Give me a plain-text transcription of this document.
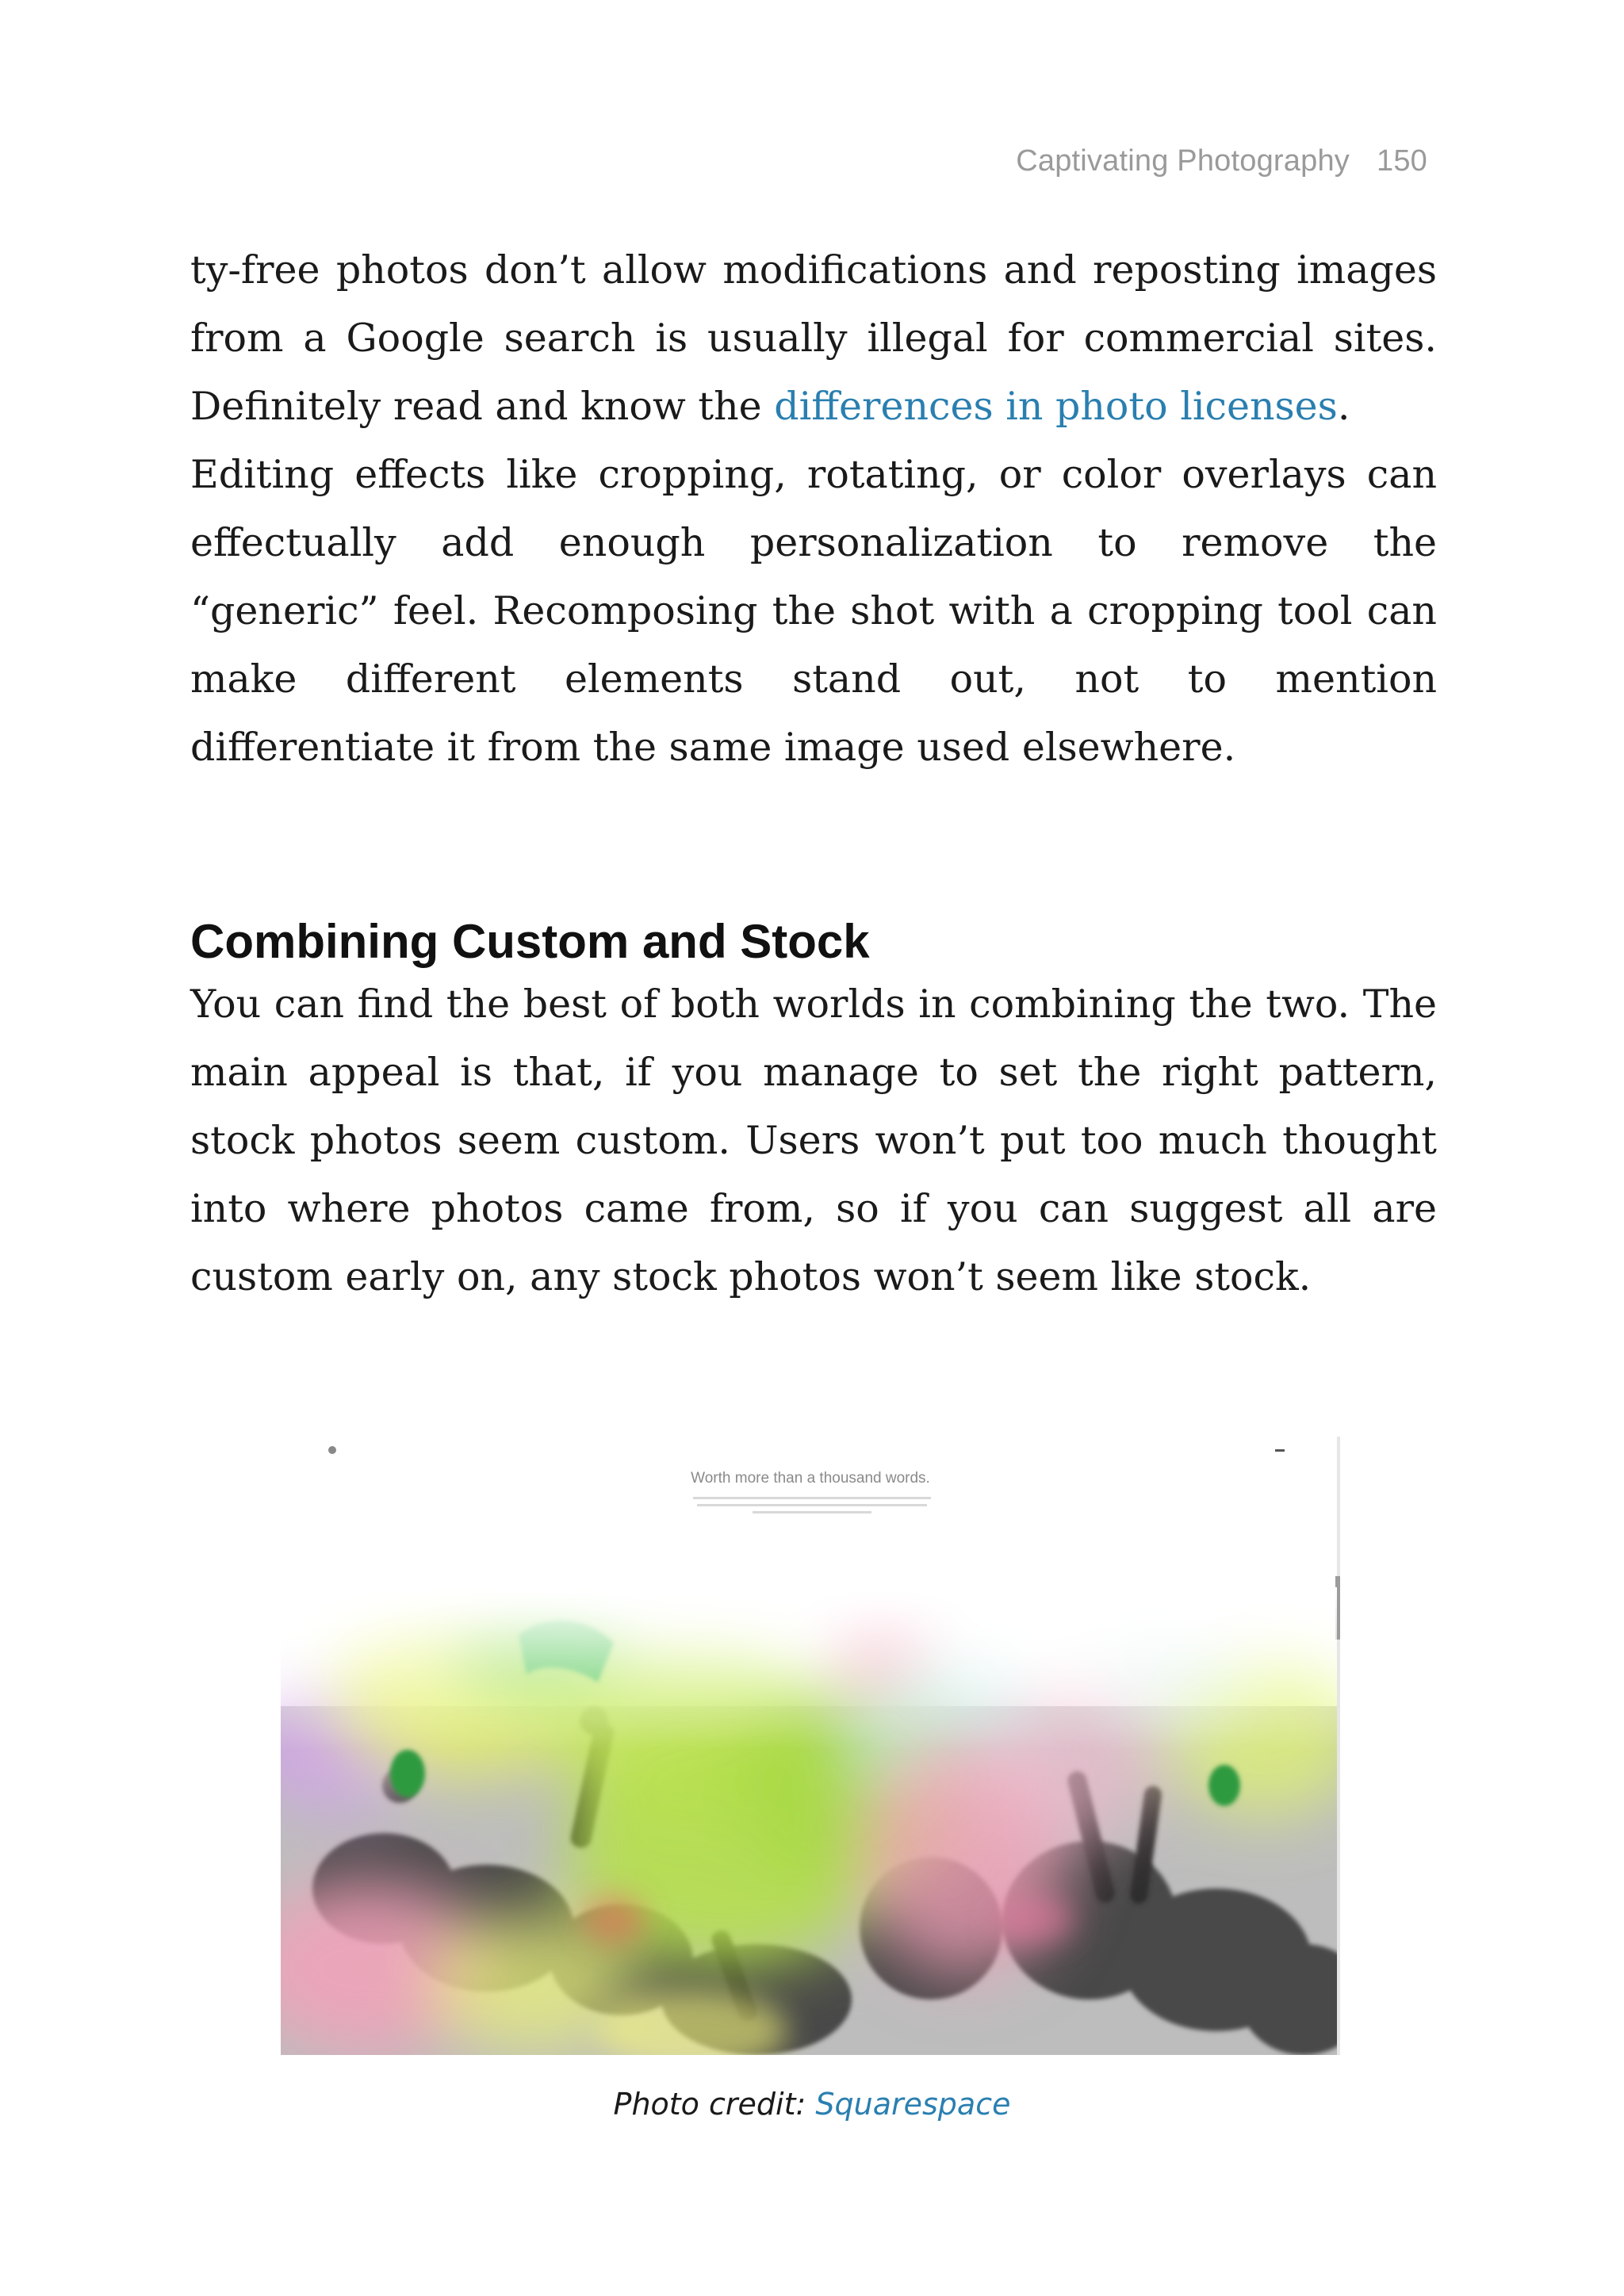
Captivating Photography 150

ty-free photos don’t allow modifications and reposting images from a Google search is usually illegal for commercial sites. Definitely read and know the differences in photo licenses.

Editing effects like cropping, rotating, or color overlays can effectually add enough personalization to remove the “generic” feel. Recomposing the shot with a cropping tool can make different elements stand out, not to mention differentiate it from the same image used elsewhere.

Combining Custom and Stock

You can find the best of both worlds in combining the two. The main appeal is that, if you manage to set the right pattern, stock photos seem custom. Users won’t put too much thought into where photos came from, so if you can suggest all are custom early on, any stock photos won’t seem like stock.

Worth more than a thousand words.
Photo credit: Squarespace
